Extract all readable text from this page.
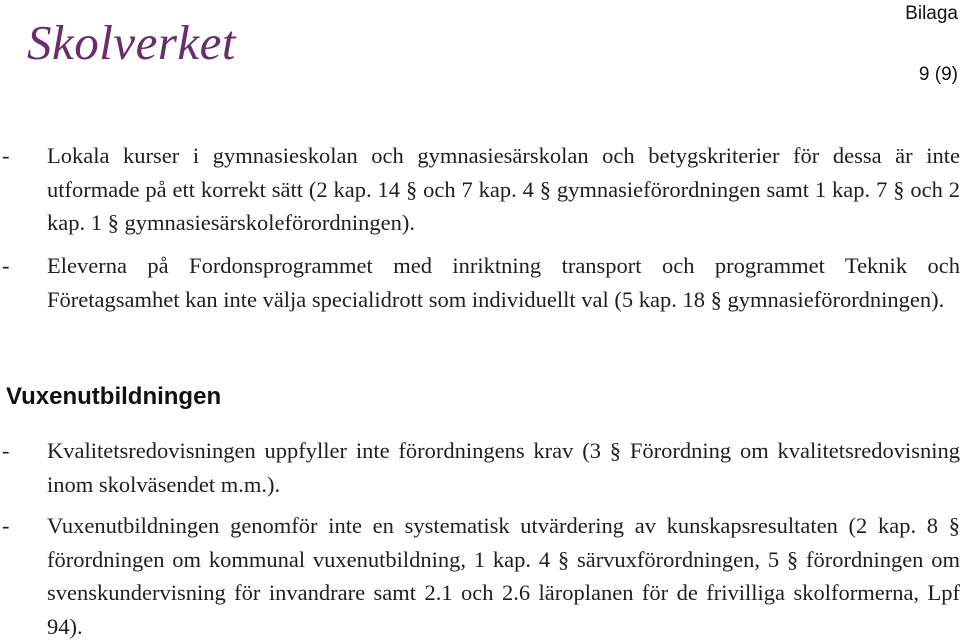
Skolverket
Bilaga
9 (9)
- Lokala kurser i gymnasieskolan och gymnasiesärskolan och betygskriterier för dessa är inte utformade på ett korrekt sätt (2 kap. 14 § och 7 kap. 4 § gymnasieförordningen samt 1 kap. 7 § och 2 kap. 1 § gymnasiesärskoleförordningen).
- Eleverna på Fordonsprogrammet med inriktning transport och programmet Teknik och Företagsamhet kan inte välja specialidrott som individuellt val (5 kap. 18 § gymnasieförordningen).
Vuxenutbildningen
- Kvalitetsredovisningen uppfyller inte förordningens krav (3 § Förordning om kvalitetsredovisning inom skolväsendet m.m.).
- Vuxenutbildningen genomför inte en systematisk utvärdering av kunskapsresultaten (2 kap. 8 § förordningen om kommunal vuxenutbildning, 1 kap. 4 § särvuxförordningen, 5 § förordningen om svenskundervisning för invandrare samt 2.1 och 2.6 läroplanen för de frivilliga skolformerna, Lpf 94).
